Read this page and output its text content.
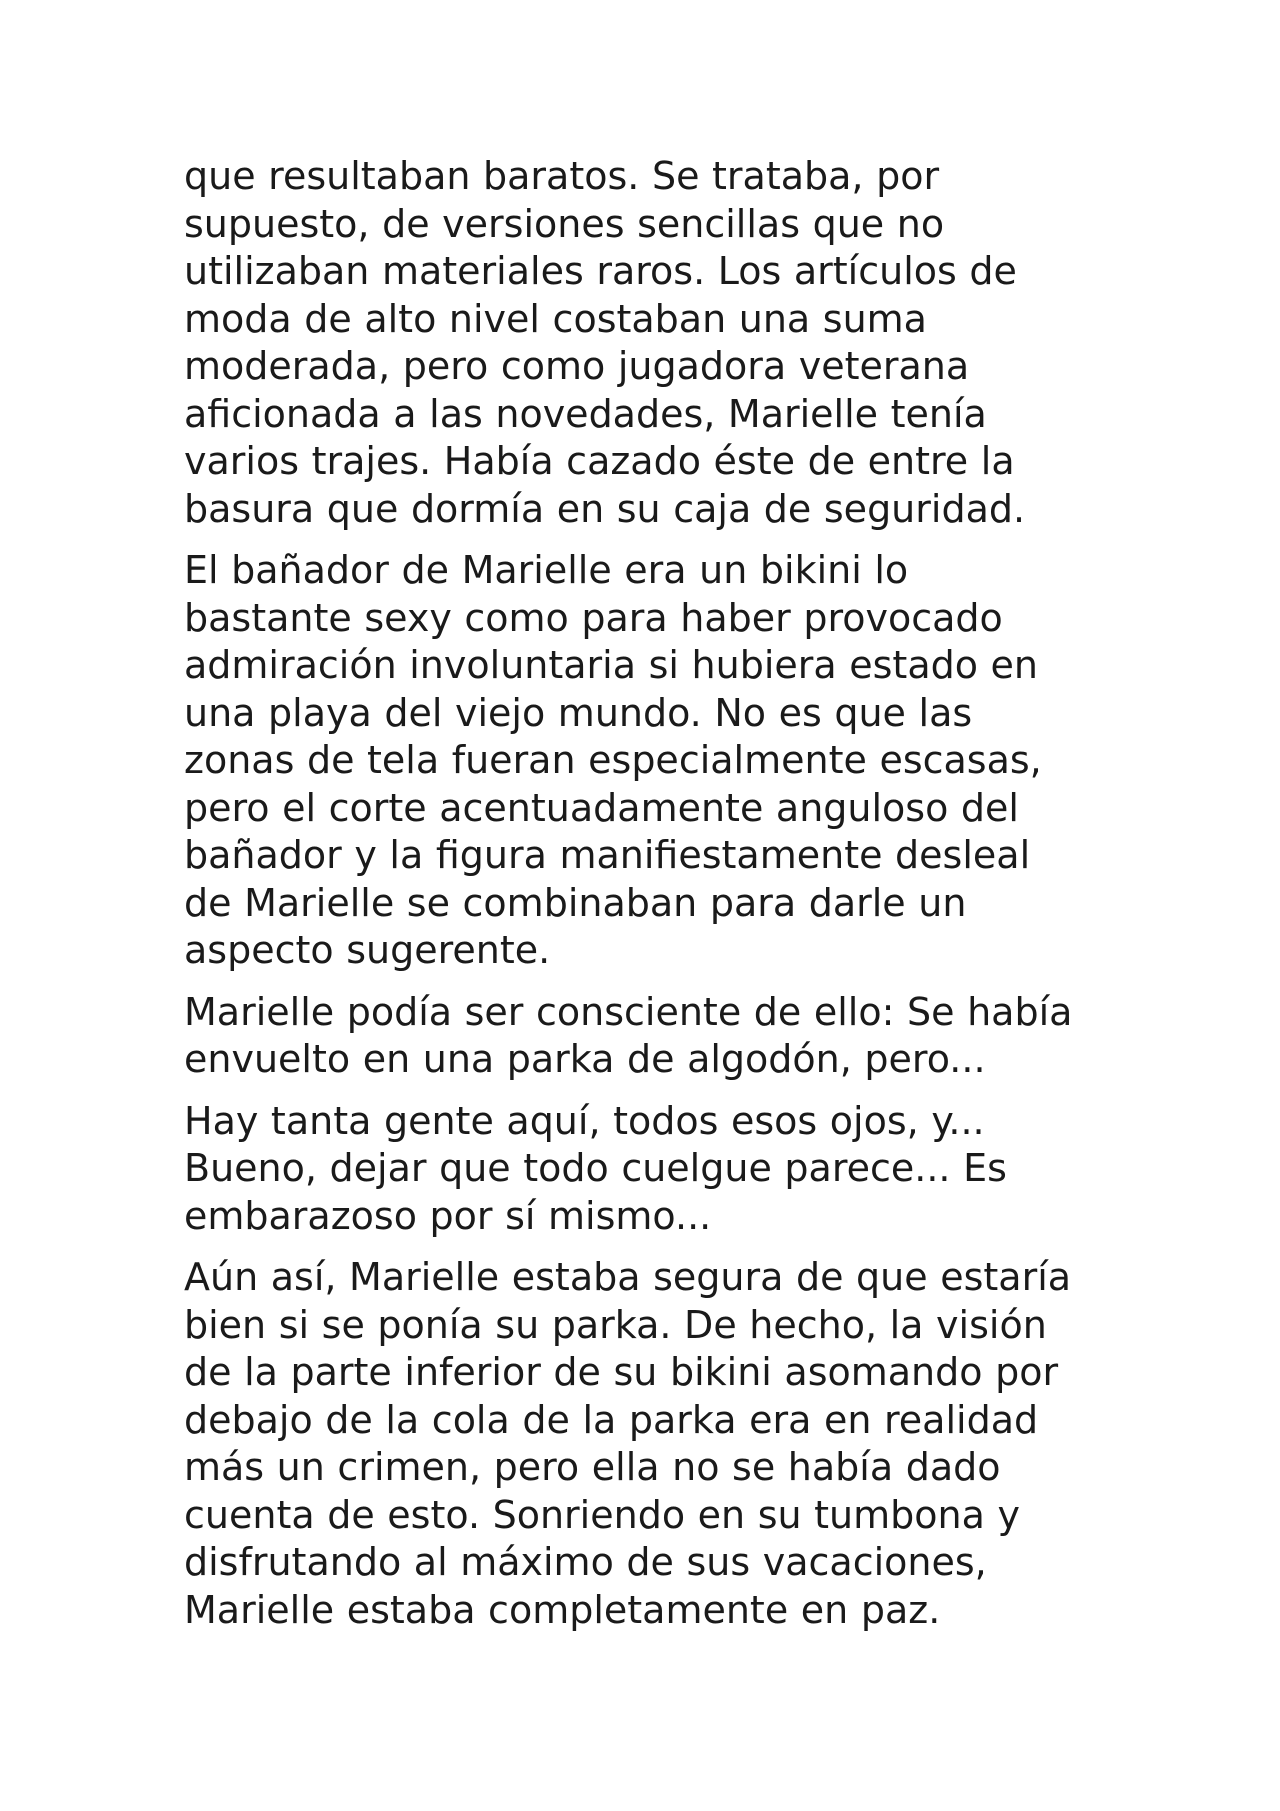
que resultaban baratos. Se trataba, por
supuesto, de versiones sencillas que no
utilizaban materiales raros. Los artículos de
moda de alto nivel costaban una suma
moderada, pero como jugadora veterana
aficionada a las novedades, Marielle tenía
varios trajes. Había cazado éste de entre la
basura que dormía en su caja de seguridad.

El bañador de Marielle era un bikini lo
bastante sexy como para haber provocado
admiración involuntaria si hubiera estado en
una playa del viejo mundo. No es que las
zonas de tela fueran especialmente escasas,
pero el corte acentuadamente anguloso del
bañador y la figura manifiestamente desleal
de Marielle se combinaban para darle un
aspecto sugerente.

Marielle podía ser consciente de ello: Se había
envuelto en una parka de algodón, pero...

Hay tanta gente aquí, todos esos ojos, y...
Bueno, dejar que todo cuelgue parece... Es
embarazoso por sí mismo...

Aún así, Marielle estaba segura de que estaría
bien si se ponía su parka. De hecho, la visión
de la parte inferior de su bikini asomando por
debajo de la cola de la parka era en realidad
más un crimen, pero ella no se había dado
cuenta de esto. Sonriendo en su tumbona y
disfrutando al máximo de sus vacaciones,
Marielle estaba completamente en paz.
